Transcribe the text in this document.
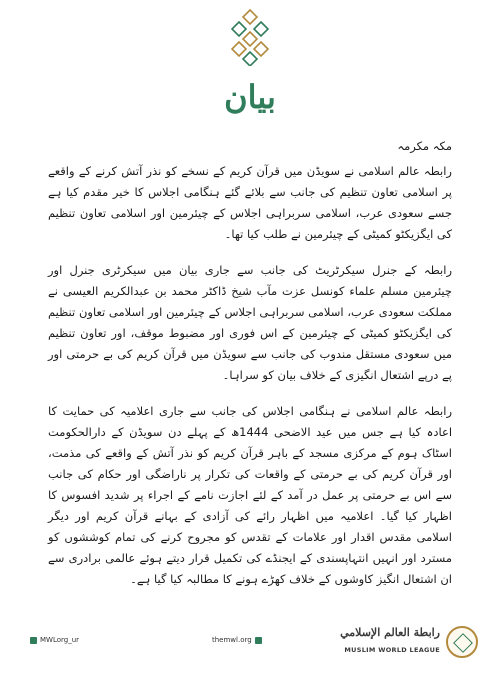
بیان

مکہ مکرمہ

رابطہ عالم اسلامی نے سویڈن میں قرآن کریم کے نسخے کو نذر آتش کرنے کے واقعے پر اسلامی تعاون تنظیم کی جانب سے بلائے گئے ہنگامی اجلاس کا خیر مقدم کیا ہے جسے سعودی عرب، اسلامی سربراہی اجلاس کے چیئرمین اور اسلامی تعاون تنظیم کی ایگزیکٹو کمیٹی کے چیئرمین نے طلب کیا تھا۔

رابطہ کے جنرل سیکرٹریٹ کی جانب سے جاری بیان میں سیکرٹری جنرل اور چیئرمین مسلم علماء کونسل عزت مآب شیخ ڈاکٹر محمد بن عبدالکریم العیسی نے مملکت سعودی عرب، اسلامی سربراہی اجلاس کے چیئرمین اور اسلامی تعاون تنظیم کی ایگزیکٹو کمیٹی کے چیئرمین کے اس فوری اور مضبوط موقف، اور تعاون تنظیم میں سعودی مستقل مندوب کی جانب سے سویڈن میں قرآن کریم کی بے حرمتی اور پے درپے اشتعال انگیزی کے خلاف بیان کو سراہا۔

رابطہ عالم اسلامی نے ہنگامی اجلاس کی جانب سے جاری اعلامیہ کی حمایت کا اعادہ کیا ہے جس میں عید الاضحی 1444ھ کے پہلے دن سویڈن کے دارالحکومت اسٹاک ہوم کے مرکزی مسجد کے باہر قرآن کریم کو نذر آتش کے واقعے کی مذمت، اور قرآن کریم کی بے حرمتی کے واقعات کی تکرار پر ناراضگی اور حکام کی جانب سے اس بے حرمتی پر عمل در آمد کے لئے اجازت نامے کے اجراء پر شدید افسوس کا اظہار کیا گیا۔ اعلامیہ میں اظہار رائے کی آزادی کے بہانے قرآن کریم اور دیگر اسلامی مقدس اقدار اور علامات کے تقدس کو مجروح کرنے کی تمام کوششوں کو مسترد اور انہیں انتہاپسندی کے ایجنڈے کی تکمیل قرار دیتے ہوئے عالمی برادری سے ان اشتعال انگیز کاوشوں کے خلاف کھڑے ہونے کا مطالبہ کیا گیا ہے۔

MWLorg_ur	themwl.org
رابطة العالم الإسلامي
MUSLIM WORLD LEAGUE
